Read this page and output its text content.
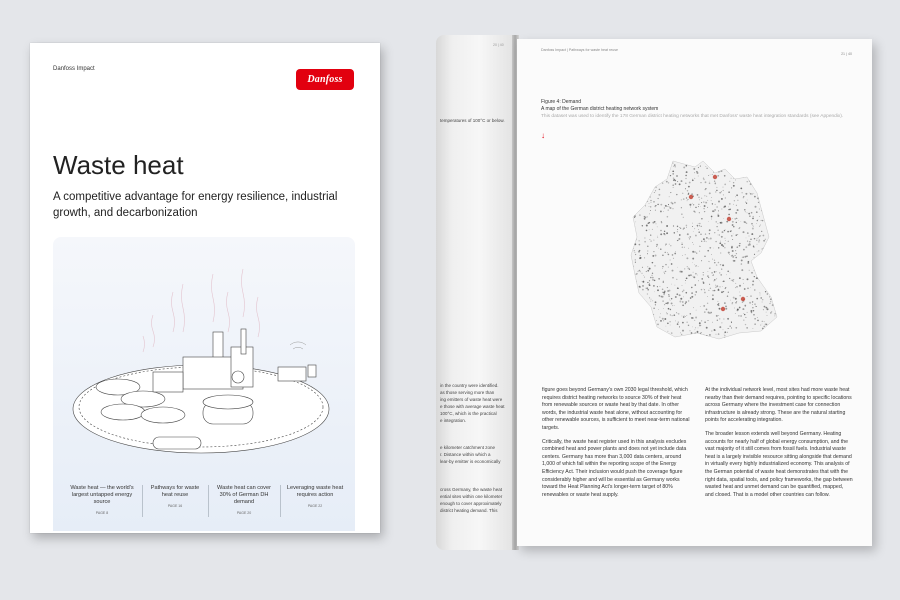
Danfoss Impact
Danfoss
Waste heat
A competitive advantage for energy resilience, industrial growth, and decarbonization
Waste heat — the world's largest untapped energy source
PAGE 8
Pathways for waste heat reuse
PAGE 16
Waste heat can cover 30% of German DH demand
PAGE 20
Leveraging waste heat requires action
PAGE 22
20 | 40
temperatures of 100°C or below.
in the country were identified.
as those serving more than
ing emitters of waste heat were
e those with average waste heat
100°C, which is the practical
e integration.
e kilometer catchment zone
r. Distance within which a
lear-by emitter is economically
cross Germany, the waste heat
ential sites within one kilometer
enough to cover approximately
district heating demand. This
Danfoss Impact | Pathways for waste heat reuse
21 | 40
Figure 4: Demand
A map of the German district heating network system
This dataset was used to identify the 178 German district heating networks that met Danfoss' waste heat integration standards (see Appendix).
↓

figure goes beyond Germany's own 2030 legal threshold, which requires district heating networks to source 30% of their heat from renewable sources or waste heat by that date. In other words, the industrial waste heat alone, without accounting for other renewable sources, is sufficient to meet near-term national targets.

Critically, the waste heat register used in this analysis excludes combined heat and power plants and does not yet include data centers. Germany has more than 3,000 data centers, around 1,000 of which fall within the reporting scope of the Energy Efficiency Act. Their inclusion would push the coverage figure considerably higher and will be essential as Germany works toward the Heat Planning Act's longer-term target of 80% renewables or waste heat supply.

At the individual network level, most sites had more waste heat nearby than their demand requires, pointing to specific locations across Germany where the investment case for connection infrastructure is already strong. These are the natural starting points for accelerating integration.

The broader lesson extends well beyond Germany. Heating accounts for nearly half of global energy consumption, and the vast majority of it still comes from fossil fuels. Industrial waste heat is a largely invisible resource sitting alongside that demand in virtually every highly industrialized economy. This analysis of the German potential of waste heat demonstrates that with the right data, spatial tools, and policy frameworks, the gap between wasted heat and unmet demand can be quantified, mapped, and closed. That is a model other countries can follow.
